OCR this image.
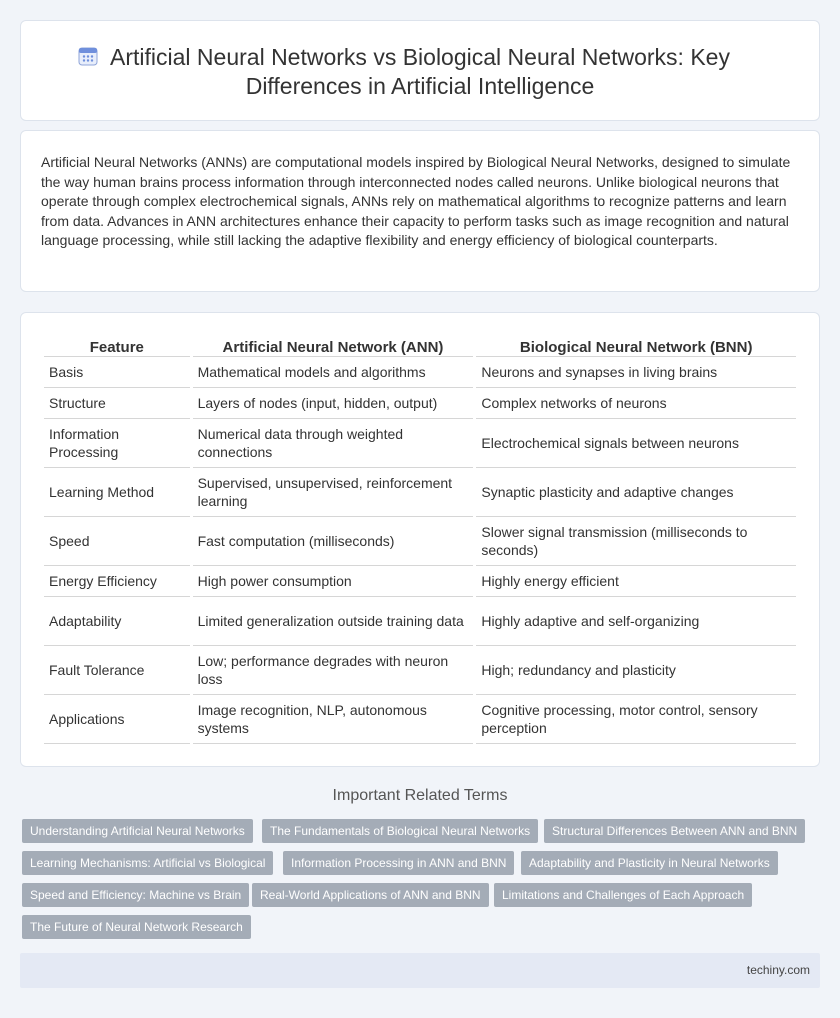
Artificial Neural Networks vs Biological Neural Networks: Key
Differences in Artificial Intelligence

Artificial Neural Networks (ANNs) are computational models inspired by Biological Neural Networks, designed to simulate the way human brains process information through interconnected nodes called neurons. Unlike biological neurons that operate through complex electrochemical signals, ANNs rely on mathematical algorithms to recognize patterns and learn from data. Advances in ANN architectures enhance their capacity to perform tasks such as image recognition and natural language processing, while still lacking the adaptive flexibility and energy efficiency of biological counterparts.

Feature	Artificial Neural Network (ANN)	Biological Neural Network (BNN)
Basis	Mathematical models and algorithms	Neurons and synapses in living brains
Structure	Layers of nodes (input, hidden, output)	Complex networks of neurons
Information Processing	Numerical data through weighted connections	Electrochemical signals between neurons
Learning Method	Supervised, unsupervised, reinforcement learning	Synaptic plasticity and adaptive changes
Speed	Fast computation (milliseconds)	Slower signal transmission (milliseconds to seconds)
Energy Efficiency	High power consumption	Highly energy efficient
Adaptability	Limited generalization outside training data	Highly adaptive and self-organizing
Fault Tolerance	Low; performance degrades with neuron loss	High; redundancy and plasticity
Applications	Image recognition, NLP, autonomous systems	Cognitive processing, motor control, sensory perception
Important Related Terms
Understanding Artificial Neural Networks	The Fundamentals of Biological Neural Networks	Structural Differences Between ANN and BNN
Learning Mechanisms: Artificial vs Biological	Information Processing in ANN and BNN	Adaptability and Plasticity in Neural Networks
Speed and Efficiency: Machine vs Brain	Real-World Applications of ANN and BNN	Limitations and Challenges of Each Approach
The Future of Neural Network Research
techiny.com
